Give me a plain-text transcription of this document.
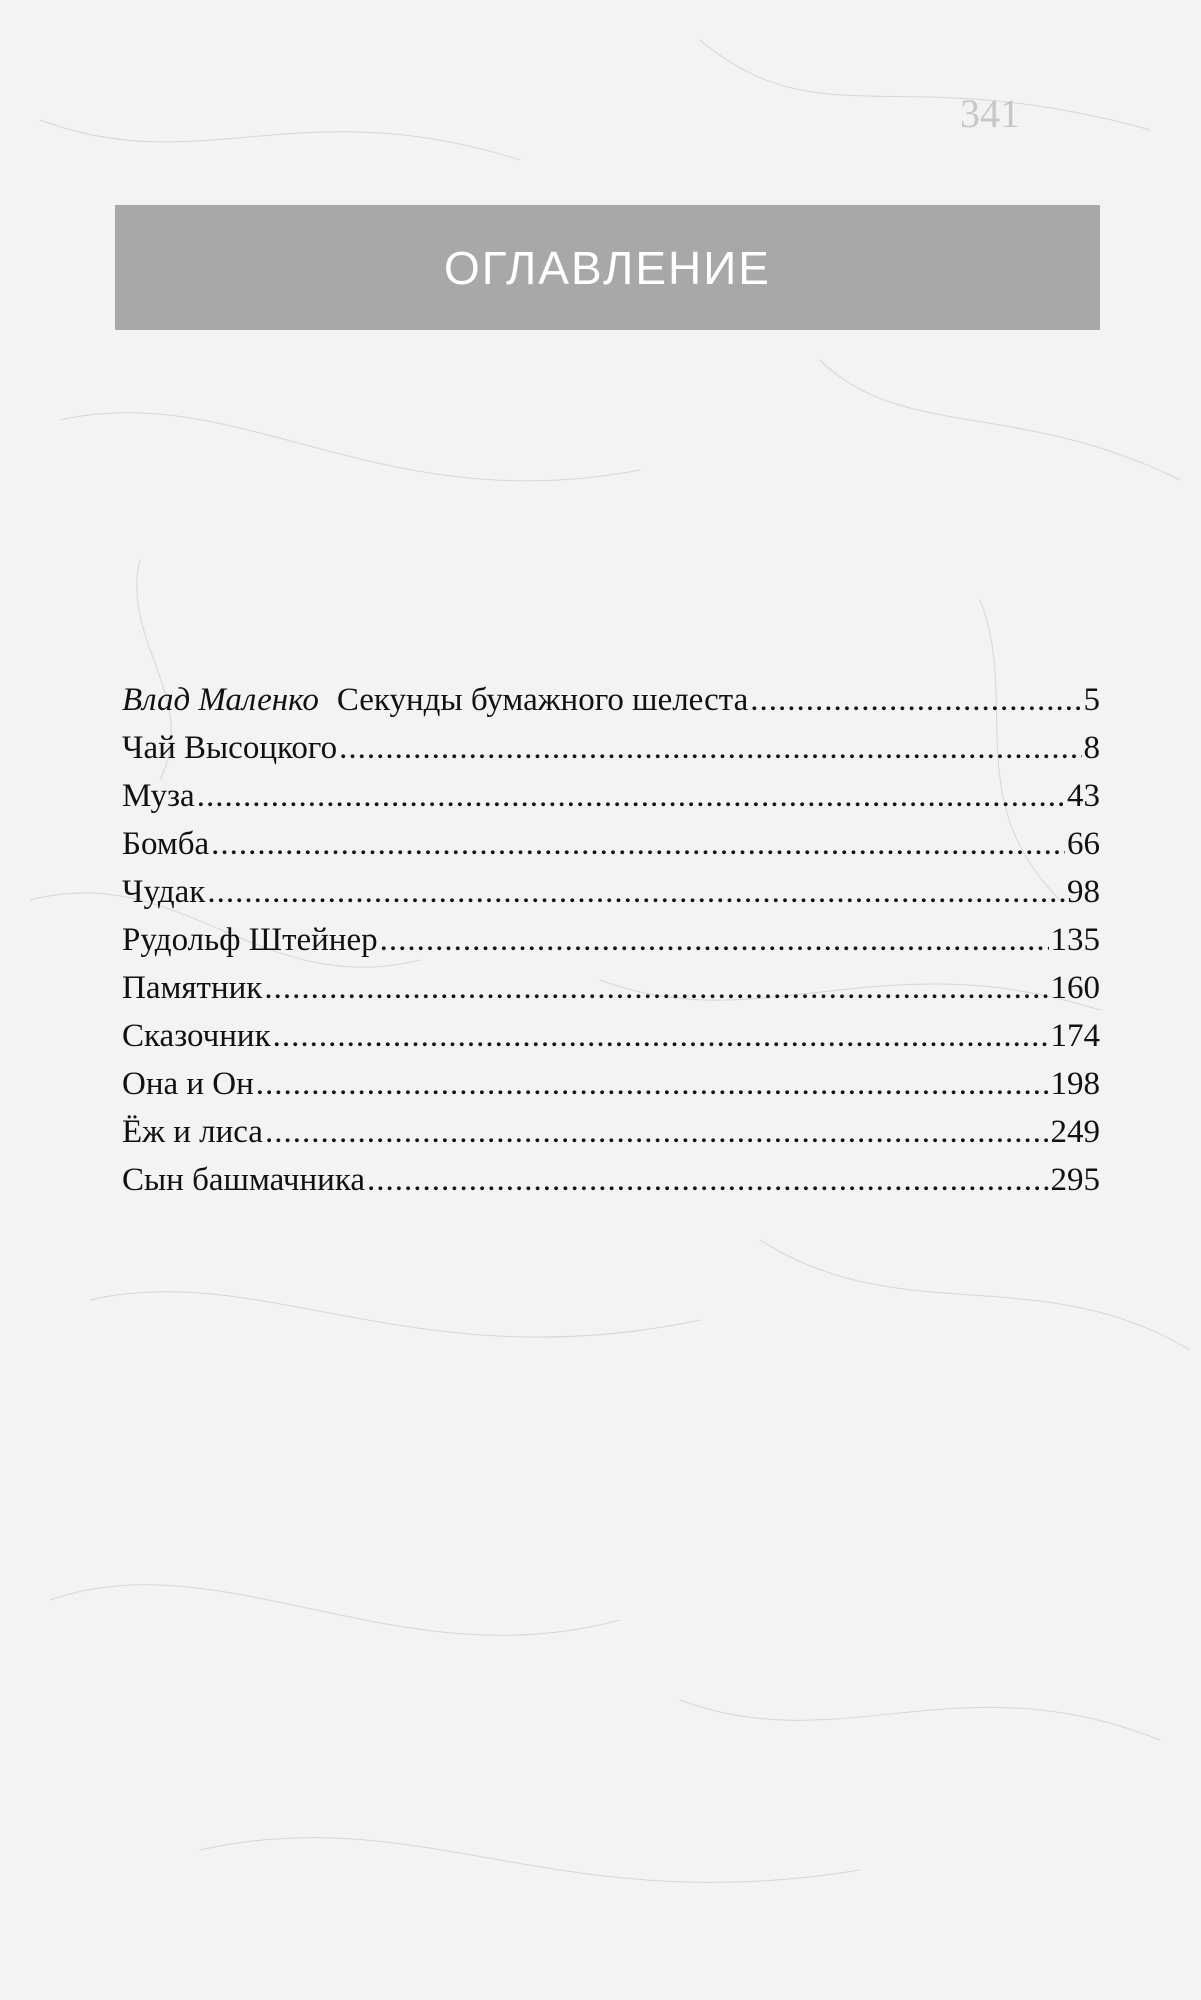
341
ОГЛАВЛЕНИЕ
Влад Маленко Секунды бумажного шелеста .....	5
Чай Высоцкого .....	8
Муза .....	43
Бомба .....	66
Чудак .....	98
Рудольф Штейнер .....	135
Памятник .....	160
Сказочник .....	174
Она и Он .....	198
Ёж и лиса .....	249
Сын башмачника .....	295
